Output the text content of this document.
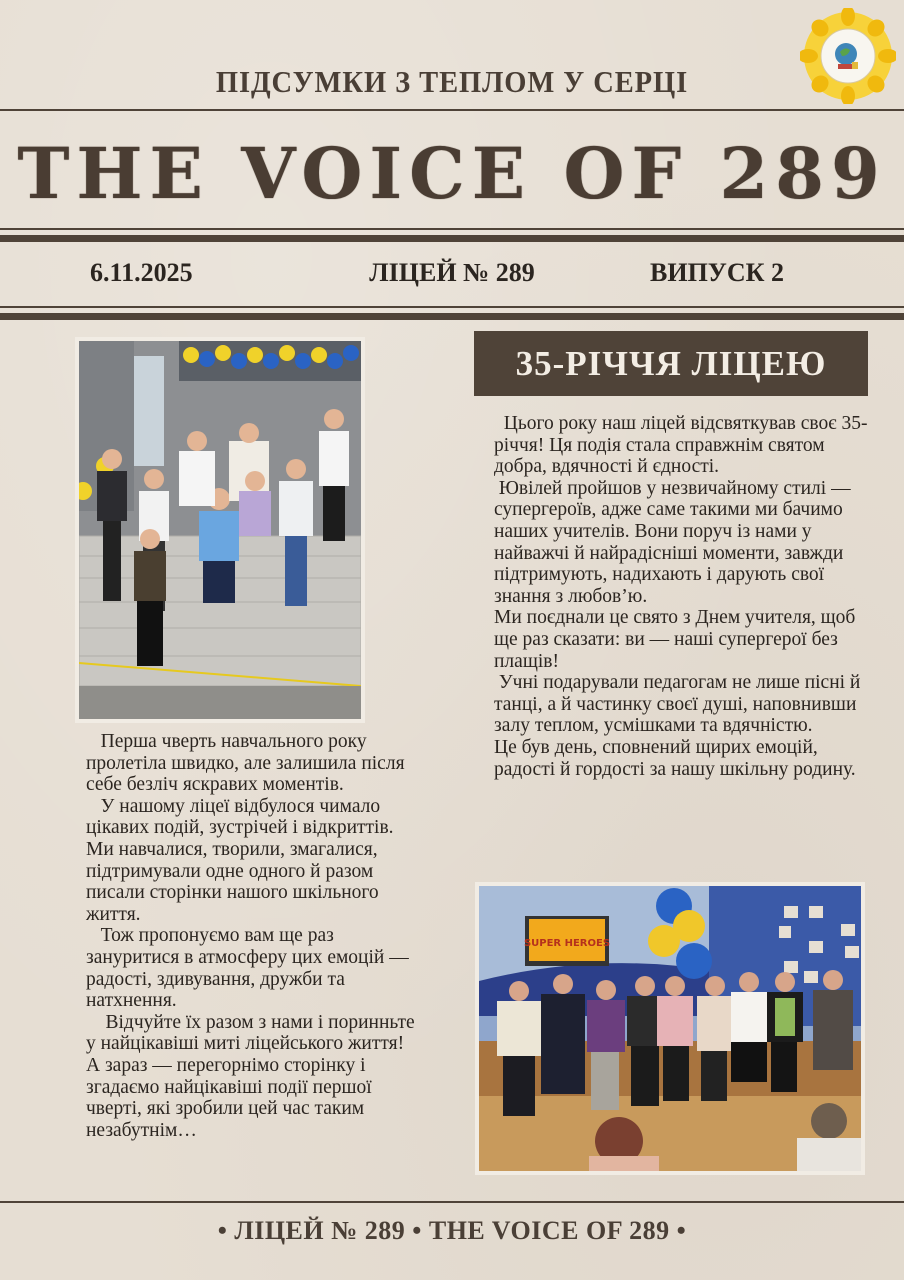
ПІДСУМКИ З ТЕПЛОМ У СЕРЦІ
THE VOICE OF 289
6.11.2025	ЛІЦЕЙ № 289	ВИПУСК 2
35-РІЧЧЯ ЛІЦЕЮ

Цього року наш ліцей відсвяткував своє 35-річчя! Ця подія стала справжнім святом добра, вдячності й єдності.

Ювілей пройшов у незвичайному стилі — супергероїв, адже саме такими ми бачимо наших учителів. Вони поруч із нами у найважчі й найрадісніші моменти, завжди підтримують, надихають і дарують свої знання з любов’ю.

Ми поєднали це свято з Днем учителя, щоб ще раз сказати: ви — наші супергерої без плащів!

Учні подарували педагогам не лише пісні й танці, а й частинку своєї душі, наповнивши залу теплом, усмішками та вдячністю.

Це був день, сповнений щирих емоцій, радості й гордості за нашу шкільну родину.

Перша чверть навчального року пролетіла швидко, але залишила після себе безліч яскравих моментів.

У нашому ліцеї відбулося чимало цікавих подій, зустрічей і відкриттів. Ми навчалися, творили, змагалися, підтримували одне одного й разом писали сторінки нашого шкільного життя.

Тож пропонуємо вам ще раз зануритися в атмосферу цих емоцій — радості, здивування, дружби та натхнення.

Відчуйте їх разом з нами і поринньте у найцікавіші миті ліцейського життя!

А зараз — перегорнімо сторінку і згадаємо найцікавіші події першої чверті, які зробили цей час таким незабутнім…

SUPER HEROES
• ЛІЦЕЙ № 289 • THE VOICE OF 289 •
